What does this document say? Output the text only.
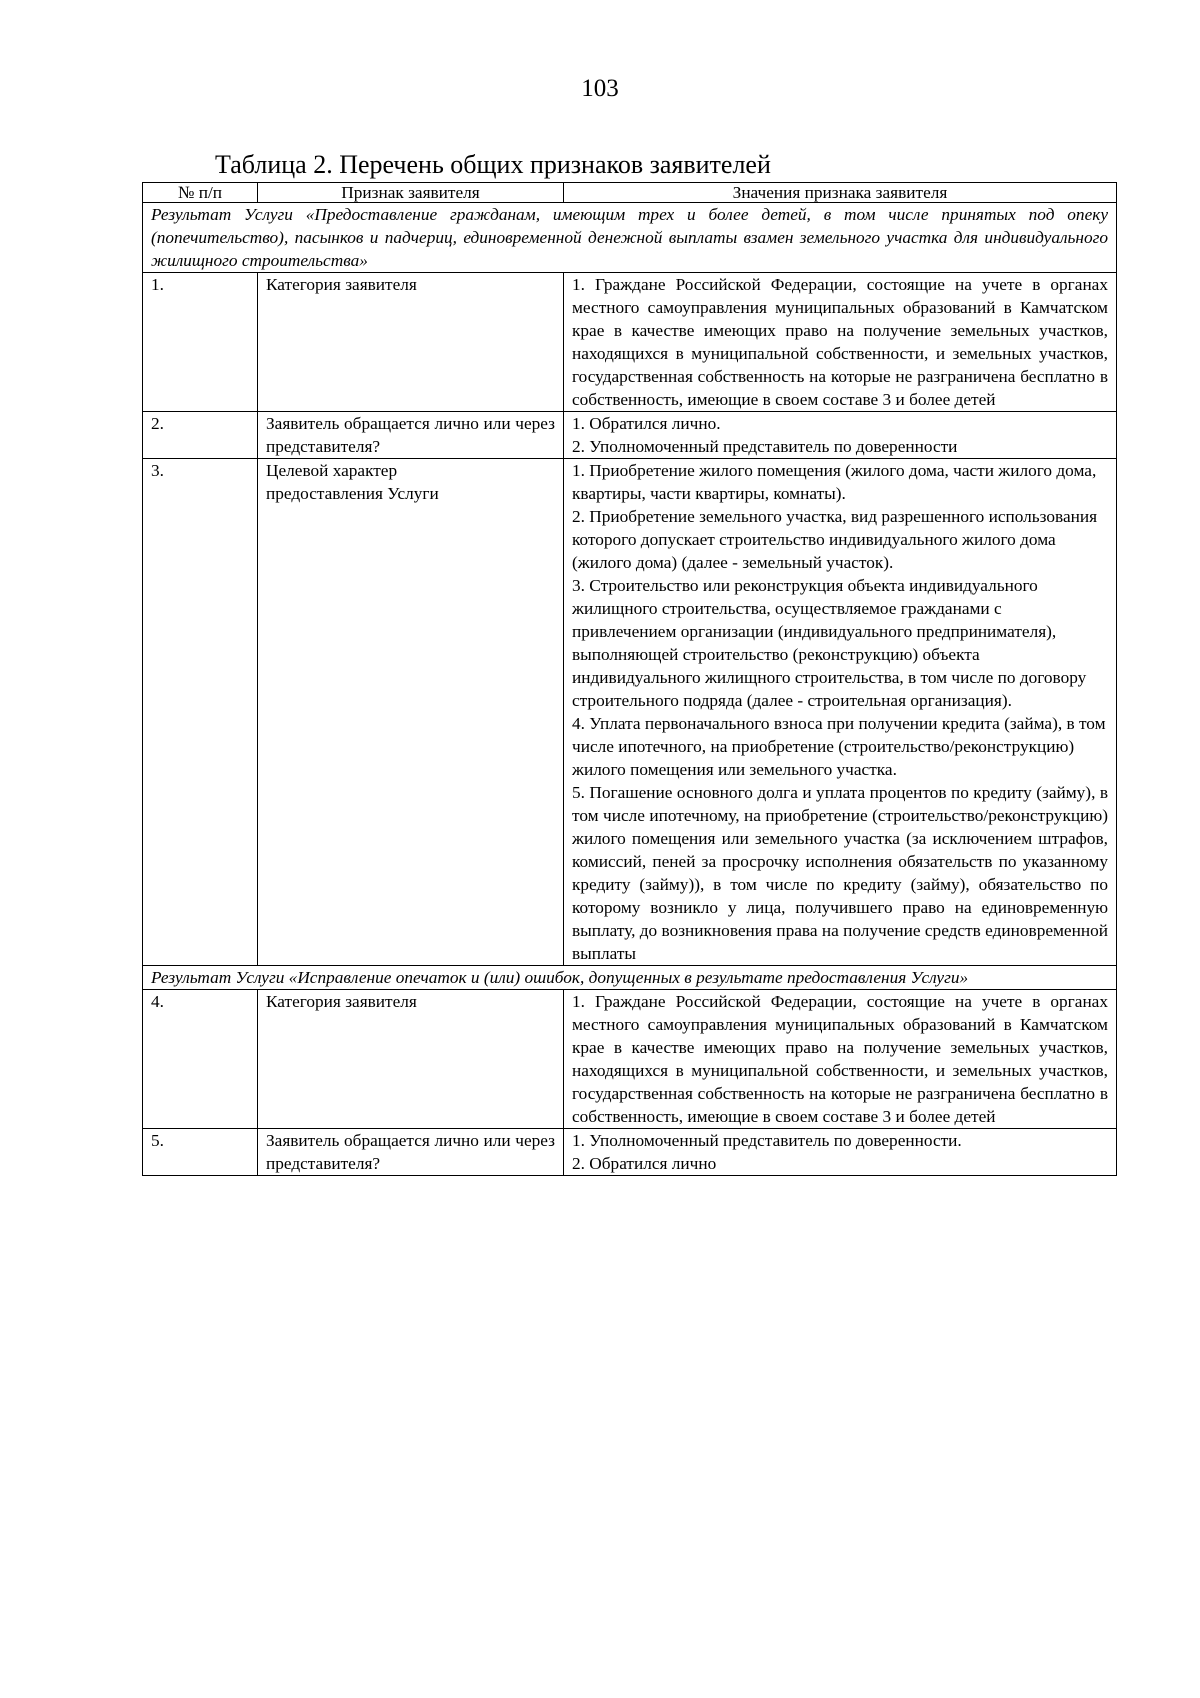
103
Таблица 2. Перечень общих признаков заявителей
№ п/п	Признак заявителя	Значения признака заявителя
Результат Услуги «Предоставление гражданам, имеющим трех и более детей, в том числе принятых под опеку (попечительство), пасынков и падчериц, единовременной денежной выплаты взамен земельного участка для индивидуального жилищного строительства»		
1.	Категория заявителя	1. Граждане Российской Федерации, состоящие на учете в органах местного самоуправления муниципальных образований в Камчатском крае в качестве имеющих право на получение земельных участков, находящихся в муниципальной собственности, и земельных участков, государственная собственность на которые не разграничена бесплатно в собственность, имеющие в своем составе 3 и более детей

2.	Заявитель обращается лично или через представителя?	1. Обратился лично.
2. Уполномоченный представитель по доверенности

3.	Целевой характер предоставления Услуги	1. Приобретение жилого помещения (жилого дома, части жилого дома, квартиры, части квартиры, комнаты).
2. Приобретение земельного участка, вид разрешенного использования которого допускает строительство индивидуального жилого дома (жилого дома) (далее - земельный участок).
3. Строительство или реконструкция объекта индивидуального жилищного строительства, осуществляемое гражданами с привлечением организации (индивидуального предпринимателя), выполняющей строительство (реконструкцию) объекта индивидуального жилищного строительства, в том числе по договору строительного подряда (далее - строительная организация).
4. Уплата первоначального взноса при получении кредита (займа), в том числе ипотечного, на приобретение (строительство/реконструкцию) жилого помещения или земельного участка.
5. Погашение основного долга и уплата процентов по кредиту (займу), в том числе ипотечному, на приобретение (строительство/реконструкцию) жилого помещения или земельного участка (за исключением штрафов, комиссий, пеней за просрочку исполнения обязательств по указанному кредиту (займу)), в том числе по кредиту (займу), обязательство по которому возникло у лица, получившего право на единовременную выплату, до возникновения права на получение средств единовременной выплаты

Результат Услуги «Исправление опечаток и (или) ошибок, допущенных в результате предоставления Услуги»		
4.	Категория заявителя	1. Граждане Российской Федерации, состоящие на учете в органах местного самоуправления муниципальных образований в Камчатском крае в качестве имеющих право на получение земельных участков, находящихся в муниципальной собственности, и земельных участков, государственная собственность на которые не разграничена бесплатно в собственность, имеющие в своем составе 3 и более детей

5.	Заявитель обращается лично или через представителя?	1. Уполномоченный представитель по доверенности.
2. Обратился лично
